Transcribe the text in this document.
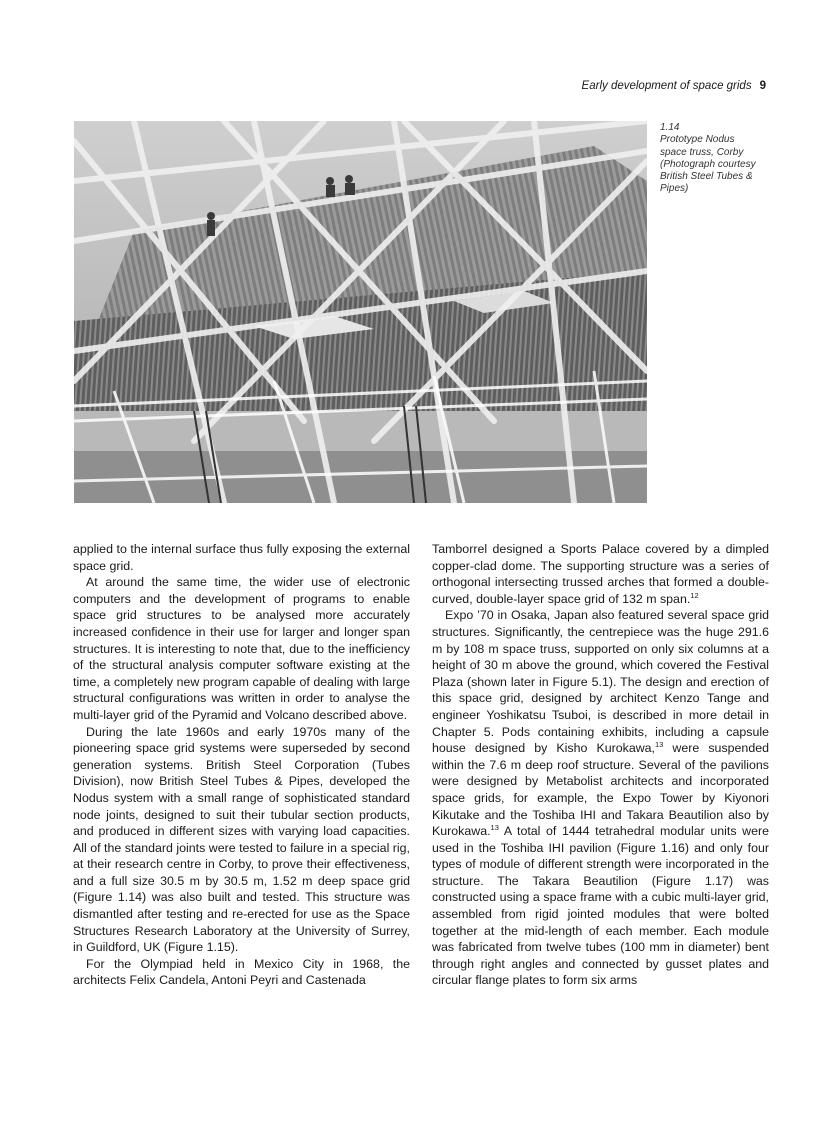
Early development of space grids 9
1.14
Prototype Nodus
space truss, Corby
(Photograph courtesy
British Steel Tubes &
Pipes)

applied to the internal surface thus fully exposing the external space grid.

At around the same time, the wider use of electronic computers and the development of programs to enable space grid structures to be analysed more accurately increased confidence in their use for larger and longer span structures. It is interesting to note that, due to the inefficiency of the structural analysis computer software existing at the time, a completely new program capable of dealing with large structural configurations was written in order to analyse the multi-layer grid of the Pyramid and Volcano described above.

During the late 1960s and early 1970s many of the pioneering space grid systems were superseded by second generation systems. British Steel Corporation (Tubes Division), now British Steel Tubes & Pipes, developed the Nodus system with a small range of sophisticated standard node joints, designed to suit their tubular section products, and produced in different sizes with varying load capacities. All of the standard joints were tested to failure in a special rig, at their research centre in Corby, to prove their effectiveness, and a full size 30.5 m by 30.5 m, 1.52 m deep space grid (Figure 1.14) was also built and tested. This structure was dismantled after testing and re-erected for use as the Space Structures Research Laboratory at the University of Surrey, in Guildford, UK (Figure 1.15).

For the Olympiad held in Mexico City in 1968, the architects Felix Candela, Antoni Peyri and Castenada

Tamborrel designed a Sports Palace covered by a dimpled copper-clad dome. The supporting structure was a series of orthogonal intersecting trussed arches that formed a double-curved, double-layer space grid of 132 m span.$^{12}$

Expo ’70 in Osaka, Japan also featured several space grid structures. Significantly, the centrepiece was the huge 291.6 m by 108 m space truss, supported on only six columns at a height of 30 m above the ground, which covered the Festival Plaza (shown later in Figure 5.1). The design and erection of this space grid, designed by architect Kenzo Tange and engineer Yoshikatsu Tsuboi, is described in more detail in Chapter 5. Pods containing exhibits, including a capsule house designed by Kisho Kurokawa,$^{13}$ were suspended within the 7.6 m deep roof structure. Several of the pavilions were designed by Metabolist architects and incorporated space grids, for example, the Expo Tower by Kiyonori Kikutake and the Toshiba IHI and Takara Beautilion also by Kurokawa.$^{13}$ A total of 1444 tetrahedral modular units were used in the Toshiba IHI pavilion (Figure 1.16) and only four types of module of different strength were incorporated in the structure. The Takara Beautilion (Figure 1.17) was constructed using a space frame with a cubic multi-layer grid, assembled from rigid jointed modules that were bolted together at the mid-length of each member. Each module was fabricated from twelve tubes (100 mm in diameter) bent through right angles and connected by gusset plates and circular flange plates to form six arms
